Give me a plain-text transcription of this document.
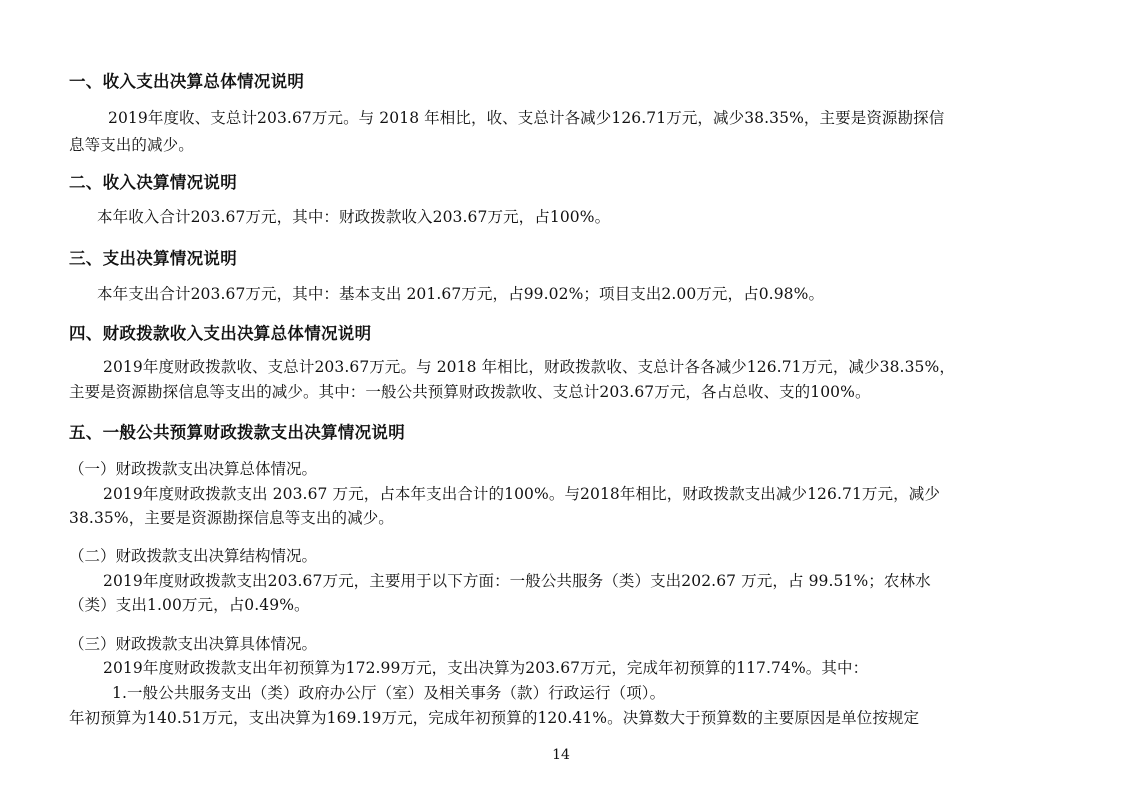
一、收入支出决算总体情况说明
2019年度收、支总计203.67万元。与 2018 年相比，收、支总计各减少126.71万元，减少38.35%，主要是资源勘探信
息等支出的减少。
二、收入决算情况说明
本年收入合计203.67万元，其中：财政拨款收入203.67万元，占100%。
三、支出决算情况说明
本年支出合计203.67万元，其中：基本支出 201.67万元，占99.02%；项目支出2.00万元，占0.98%。
四、财政拨款收入支出决算总体情况说明
2019年度财政拨款收、支总计203.67万元。与 2018 年相比，财政拨款收、支总计各各减少126.71万元，减少38.35%，
主要是资源勘探信息等支出的减少。其中：一般公共预算财政拨款收、支总计203.67万元，各占总收、支的100%。
五、一般公共预算财政拨款支出决算情况说明
（一）财政拨款支出决算总体情况。
2019年度财政拨款支出 203.67 万元，占本年支出合计的100%。与2018年相比，财政拨款支出减少126.71万元，减少
38.35%，主要是资源勘探信息等支出的减少。
（二）财政拨款支出决算结构情况。
2019年度财政拨款支出203.67万元，主要用于以下方面：一般公共服务（类）支出202.67 万元，占 99.51%；农林水
（类）支出1.00万元，占0.49%。
（三）财政拨款支出决算具体情况。
2019年度财政拨款支出年初预算为172.99万元，支出决算为203.67万元，完成年初预算的117.74%。其中：
1.一般公共服务支出（类）政府办公厅（室）及相关事务（款）行政运行（项）。
年初预算为140.51万元，支出决算为169.19万元，完成年初预算的120.41%。决算数大于预算数的主要原因是单位按规定
14
